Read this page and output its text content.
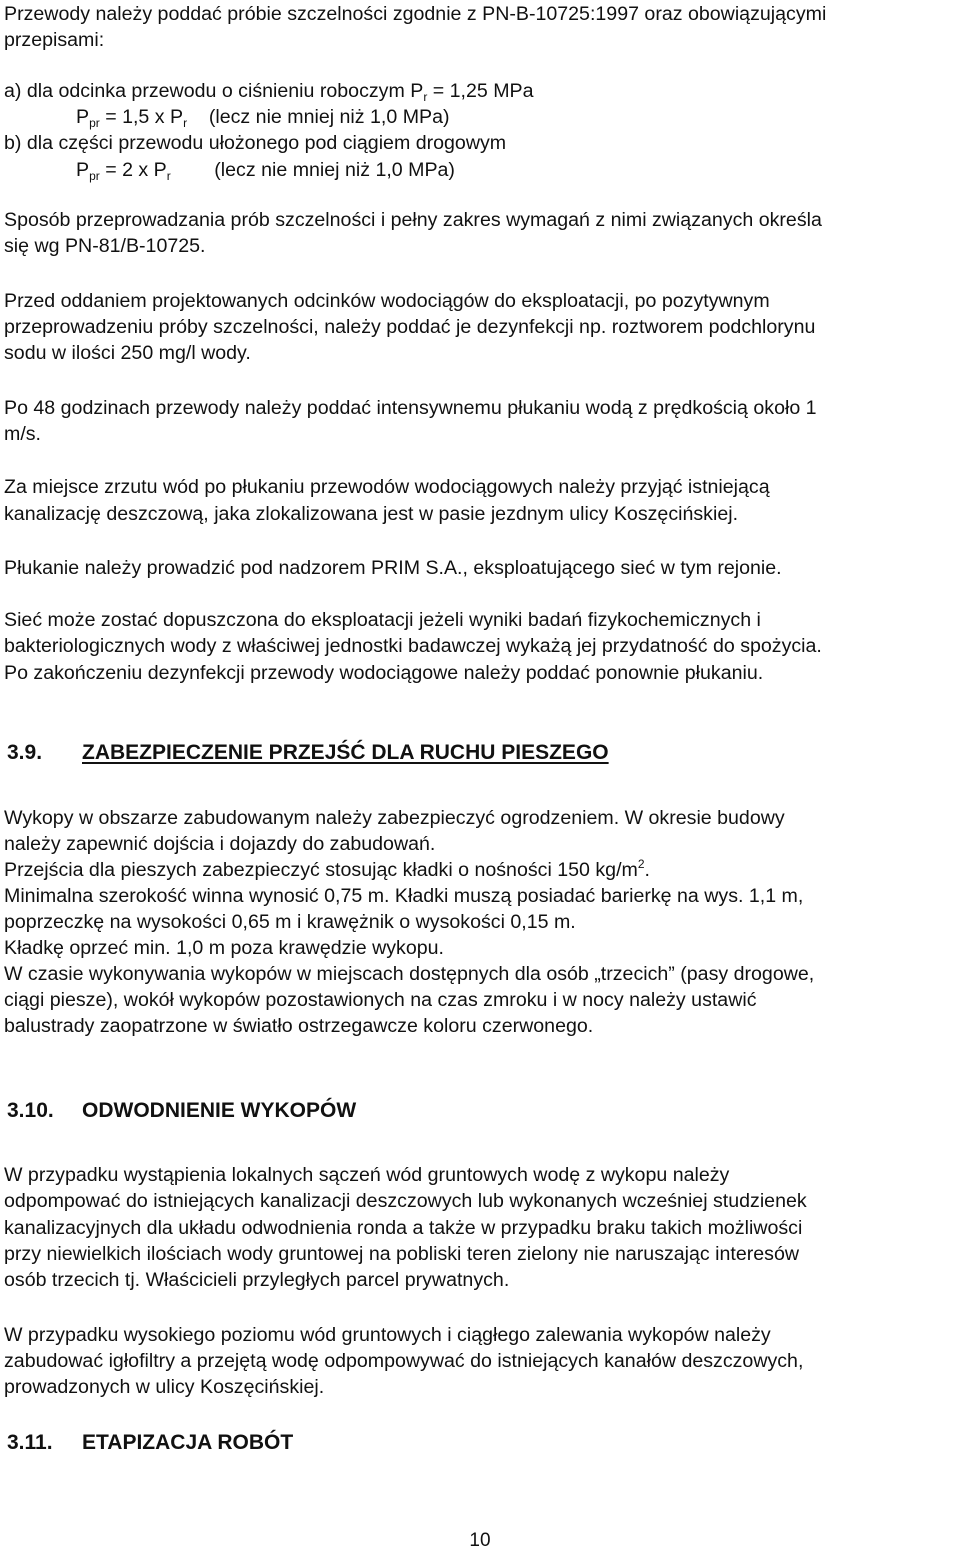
Przewody należy poddać próbie szczelności zgodnie z PN-B-10725:1997 oraz obowiązującymi
przepisami:
a) dla odcinka przewodu o ciśnieniu roboczym $P_r = 1,25$ MPa
$P_{pr} = 1,5$ x $P_r$    (lecz nie mniej niż 1,0 MPa)
b) dla części przewodu ułożonego pod ciągiem drogowym
$P_{pr} = 2$ x $P_r$        (lecz nie mniej niż 1,0 MPa)
Sposób przeprowadzania prób szczelności i pełny zakres wymagań z nimi związanych określa
się wg PN-81/B-10725.
Przed oddaniem projektowanych odcinków wodociągów do eksploatacji, po pozytywnym
przeprowadzeniu próby szczelności, należy poddać je dezynfekcji np. roztworem podchlorynu
sodu w ilości 250 mg/l wody.
Po 48 godzinach przewody należy poddać intensywnemu płukaniu wodą z prędkością około 1
m/s.
Za miejsce zrzutu wód po płukaniu przewodów wodociągowych należy przyjąć istniejącą
kanalizację deszczową, jaka zlokalizowana jest w pasie jezdnym ulicy Koszęcińskiej.
Płukanie należy prowadzić pod nadzorem PRIM S.A., eksploatującego sieć w tym rejonie.
Sieć może zostać dopuszczona do eksploatacji jeżeli wyniki badań fizykochemicznych i
bakteriologicznych wody z właściwej jednostki badawczej wykażą jej przydatność do spożycia.
Po zakończeniu dezynfekcji przewody wodociągowe należy poddać ponownie płukaniu.
3.9. ZABEZPIECZENIE PRZEJŚĆ DLA RUCHU PIESZEGO
Wykopy w obszarze zabudowanym należy zabezpieczyć ogrodzeniem. W okresie budowy
należy zapewnić dojścia i dojazdy do zabudowań.
Przejścia dla pieszych zabezpieczyć stosując kładki o nośności 150 $kg/m^2$.
Minimalna szerokość winna wynosić 0,75 m. Kładki muszą posiadać barierkę na wys. 1,1 m,
poprzeczkę na wysokości 0,65 m i krawężnik o wysokości 0,15 m.
Kładkę oprzeć min. 1,0 m poza krawędzie wykopu.
W czasie wykonywania wykopów w miejscach dostępnych dla osób „trzecich” (pasy drogowe,
ciągi piesze), wokół wykopów pozostawionych na czas zmroku i w nocy należy ustawić
balustrady zaopatrzone w światło ostrzegawcze koloru czerwonego.
3.10. ODWODNIENIE WYKOPÓW
W przypadku wystąpienia lokalnych sączeń wód gruntowych wodę z wykopu należy
odpompować do istniejących kanalizacji deszczowych lub wykonanych wcześniej studzienek
kanalizacyjnych dla układu odwodnienia ronda a także w przypadku braku takich możliwości
przy niewielkich ilościach wody gruntowej na pobliski teren zielony nie naruszając interesów
osób trzecich tj. Właścicieli przyległych parcel prywatnych.
W przypadku wysokiego poziomu wód gruntowych i ciągłego zalewania wykopów należy
zabudować igłofiltry a przejętą wodę odpompowywać do istniejących kanałów deszczowych,
prowadzonych w ulicy Koszęcińskiej.
3.11. ETAPIZACJA ROBÓT
10
